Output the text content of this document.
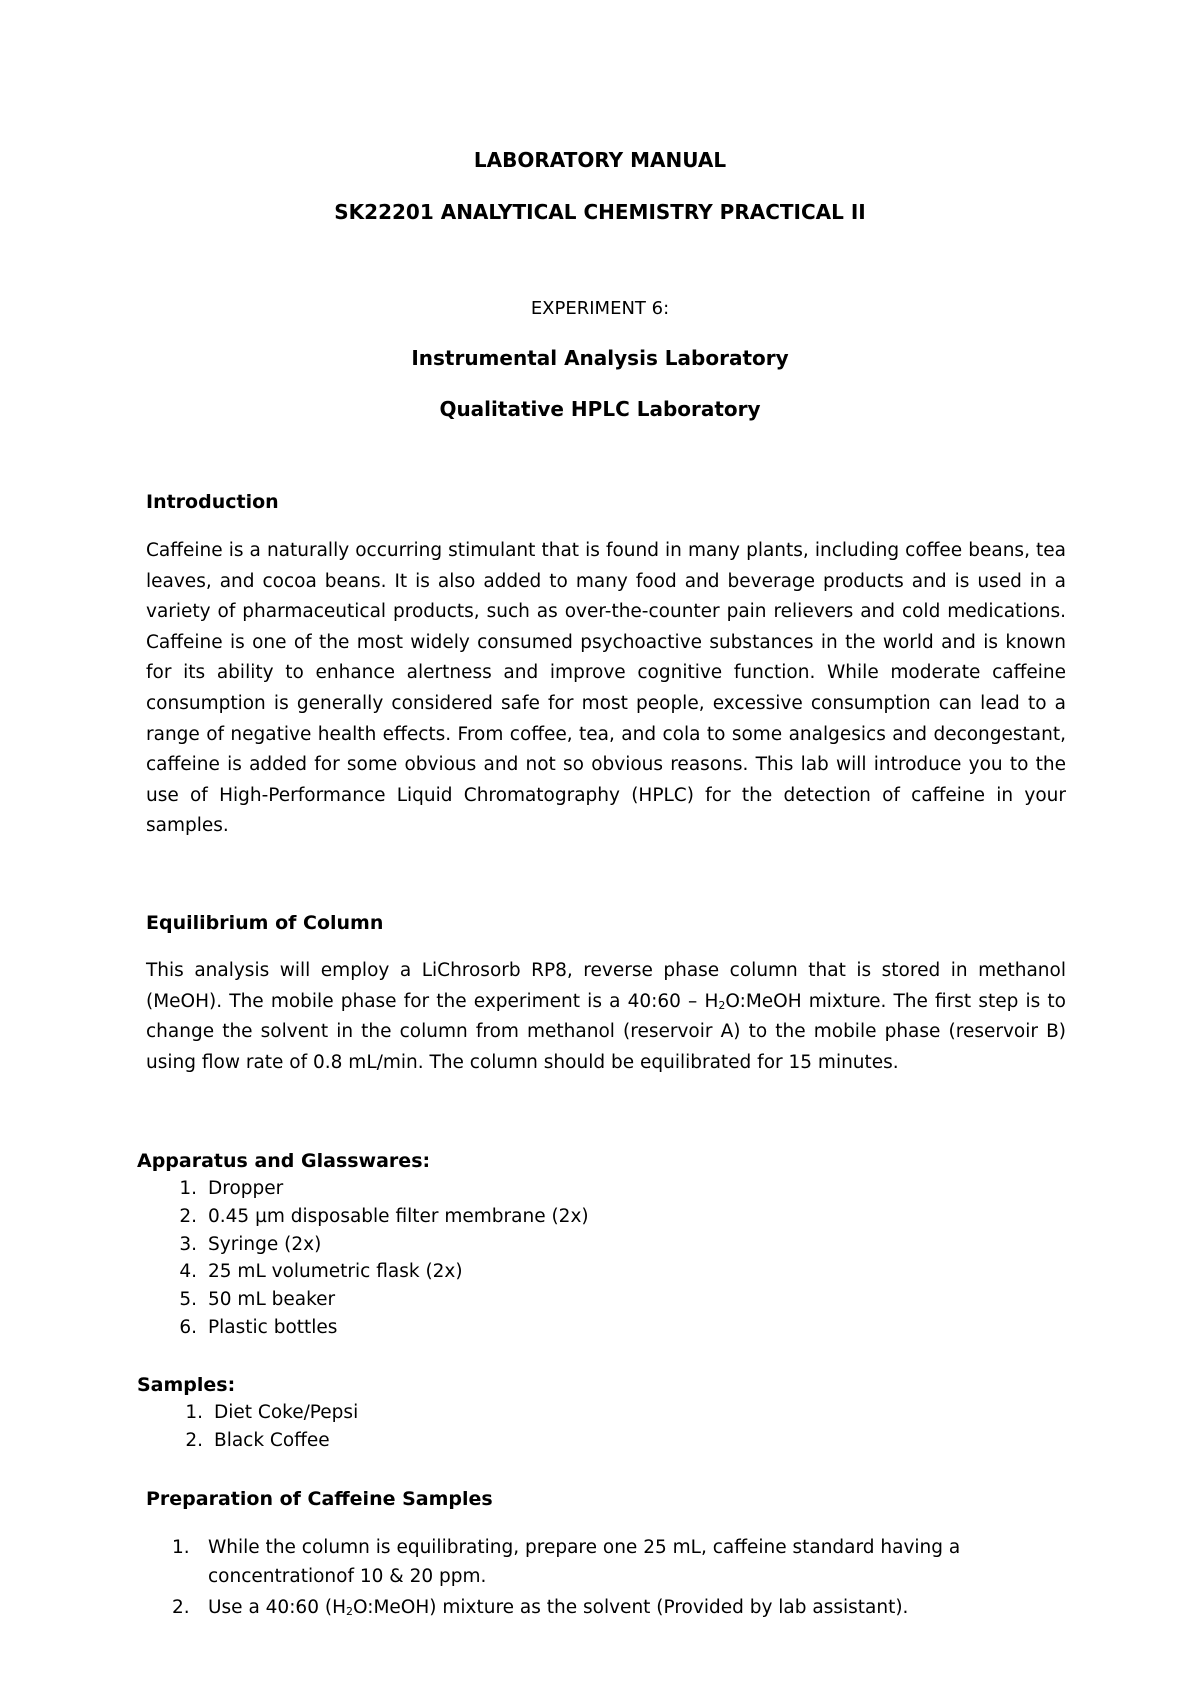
LABORATORY MANUAL
SK22201 ANALYTICAL CHEMISTRY PRACTICAL II
EXPERIMENT 6:
Instrumental Analysis Laboratory
Qualitative HPLC Laboratory
Introduction

Caffeine is a naturally occurring stimulant that is found in many plants, including coffee beans, tea leaves, and cocoa beans. It is also added to many food and beverage products and is used in a variety of pharmaceutical products, such as over-the-counter pain relievers and cold medications. Caffeine is one of the most widely consumed psychoactive substances in the world and is known for its ability to enhance alertness and improve cognitive function. While moderate caffeine consumption is generally considered safe for most people, excessive consumption can lead to a range of negative health effects. From coffee, tea, and cola to some analgesics and decongestant, caffeine is added for some obvious and not so obvious reasons. This lab will introduce you to the use of High-Performance Liquid Chromatography (HPLC) for the detection of caffeine in your samples.

Equilibrium of Column

This analysis will employ a LiChrosorb RP8, reverse phase column that is stored in methanol (MeOH). The mobile phase for the experiment is a 40:60 – $H_2O:MeOH$ mixture. The first step is to change the solvent in the column from methanol (reservoir A) to the mobile phase (reservoir B) using flow rate of 0.8 mL/min. The column should be equilibrated for 15 minutes.

Apparatus and Glasswares:
1. Dropper
2. 0.45 µm disposable filter membrane (2x)
3. Syringe (2x)
4. 25 mL volumetric flask (2x)
5. 50 mL beaker
6. Plastic bottles
Samples:
1. Diet Coke/Pepsi
2. Black Coffee
Preparation of Caffeine Samples
1. While the column is equilibrating, prepare one 25 mL, caffeine standard having a concentrationof 10 & 20 ppm.
2. Use a 40:60 $(H_2O:MeOH)$ mixture as the solvent (Provided by lab assistant).
